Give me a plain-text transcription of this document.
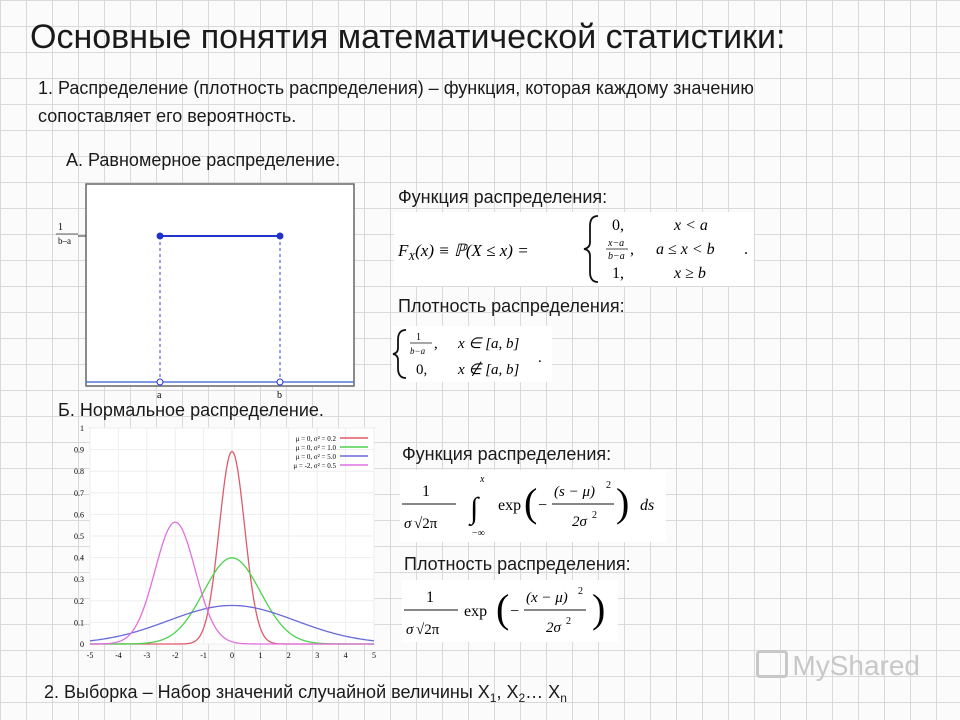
Основные понятия математической статистики:
1. Распределение (плотность распределения) – функция, которая каждому значению
сопоставляет его вероятность.
А. Равномерное распределение.
1
b–a
a	b
Функция распределения:
$F_X(x)$ ≡ ℙ(X ≤ x) =
0,	x < a
x−a
b−a , a ≤ x < b .
1,	x ≥ b
Плотность распределения:
1
b−a , x ∈ [a, b]
0, x ∉ [a, b]
.
Б. Нормальное распределение.
0
0.1
0.2
0.3
0.4
0.5
0.6
0.7
0.8
0.9
1
-5	-4	-3	-2	-1	0	1	2	3	4	5
μ = 0, σ² = 0.2
μ = 0, σ² = 1.0
μ = 0, σ² = 5.0
μ = -2, σ² = 0.5
Функция распределения:
1
σ √2π
x
∫
−∞
exp ( −
(s − μ) 2
2σ 2 ) ds
Плотность распределения:
1
σ √2π
exp ( −
(x − μ) 2
2σ 2 )
2. Выборка – Набор значений случайной величины $X_1$, $X_2\dots$ $X_n$
MyShared
